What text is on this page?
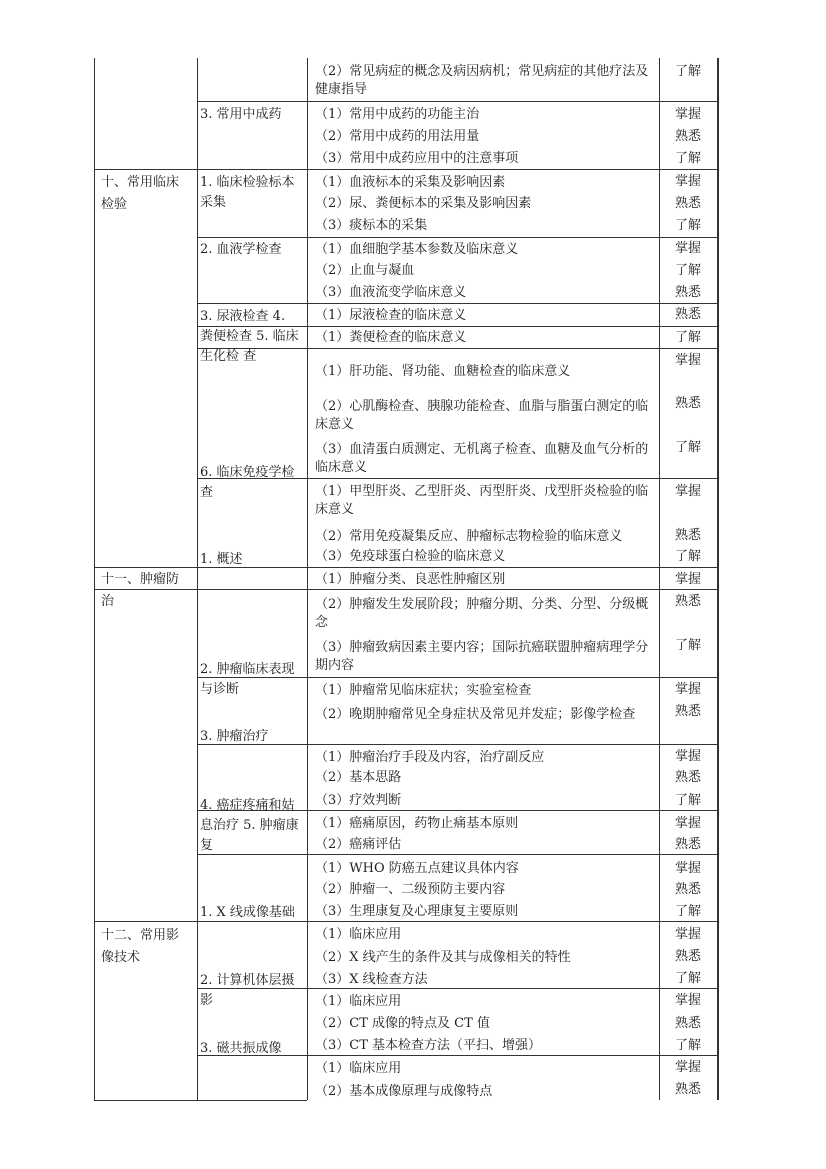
十、常用临床检验
十一、肿瘤防治
十二、常用影像技术
3. 常用中成药
1. 临床检验标本采集
2. 血液学检查
3. 尿液检查 4. 粪便检查 5. 临床生化检 查
6. 临床免疫学检查
1. 概述
2. 肿瘤临床表现与诊断
3. 肿瘤治疗
4. 癌症疼痛和姑息治疗 5. 肿瘤康复
1. X 线成像基础
2. 计算机体层摄影
3. 磁共振成像
（2）常见病症的概念及病因病机；常见病症的其他疗法及健康指导
（1）常用中成药的功能主治
（2）常用中成药的用法用量
（3）常用中成药应用中的注意事项
（1）血液标本的采集及影响因素
（2）尿、粪便标本的采集及影响因素
（3）痰标本的采集
（1）血细胞学基本参数及临床意义
（2）止血与凝血
（3）血液流变学临床意义
（1）尿液检查的临床意义
（1）粪便检查的临床意义
（1）肝功能、肾功能、血糖检查的临床意义
（2）心肌酶检查、胰腺功能检查、血脂与脂蛋白测定的临床意义
（3）血清蛋白质测定、无机离子检查、血糖及血气分析的临床意义
（1）甲型肝炎、乙型肝炎、丙型肝炎、戊型肝炎检验的临床意义
（2）常用免疫凝集反应、肿瘤标志物检验的临床意义
（3）免疫球蛋白检验的临床意义
（1）肿瘤分类、良恶性肿瘤区别
（2）肿瘤发生发展阶段；肿瘤分期、分类、分型、分级概念
（3）肿瘤致病因素主要内容；国际抗癌联盟肿瘤病理学分期内容
（1）肿瘤常见临床症状；实验室检查
（2）晚期肿瘤常见全身症状及常见并发症；影像学检查
（1）肿瘤治疗手段及内容，治疗副反应
（2）基本思路
（3）疗效判断
（1）癌痛原因，药物止痛基本原则
（2）癌痛评估
（1）WHO 防癌五点建议具体内容
（2）肿瘤一、二级预防主要内容
（3）生理康复及心理康复主要原则
（1）临床应用
（2）X 线产生的条件及其与成像相关的特性
（3）X 线检查方法
（1）临床应用
（2）CT 成像的特点及 CT 值
（3）CT 基本检查方法（平扫、增强）
（1）临床应用
（2）基本成像原理与成像特点
了解
掌握
熟悉
了解
掌握
熟悉
了解
掌握
了解
熟悉
熟悉
了解
掌握
熟悉
了解
掌握
熟悉
了解
掌握
熟悉
了解
掌握
熟悉
掌握
熟悉
了解
掌握
熟悉
掌握
熟悉
了解
掌握
熟悉
了解
掌握
熟悉
了解
掌握
熟悉
